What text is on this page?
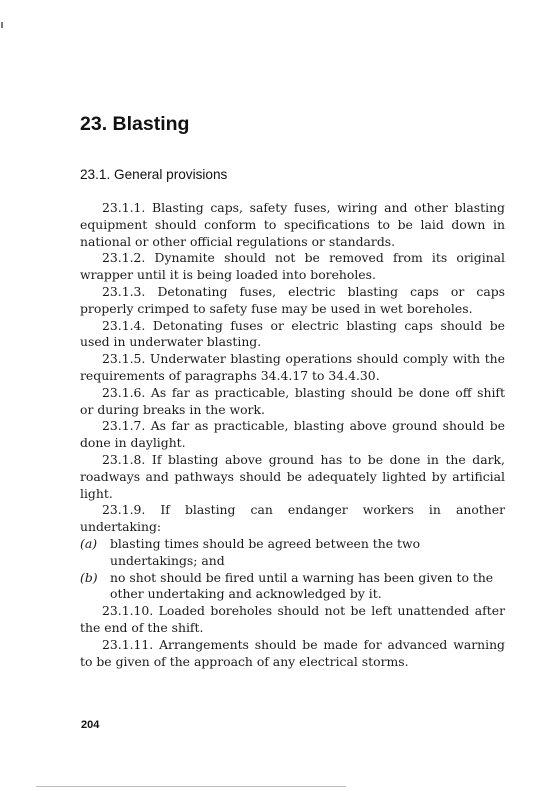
23. Blasting
23.1. General provisions

23.1.1. Blasting caps, safety fuses, wiring and other blasting equipment should conform to specifications to be laid down in national or other official regulations or standards.

23.1.2. Dynamite should not be removed from its original wrapper until it is being loaded into boreholes.

23.1.3. Detonating fuses, electric blasting caps or caps properly crimped to safety fuse may be used in wet boreholes.

23.1.4. Detonating fuses or electric blasting caps should be used in underwater blasting.

23.1.5. Underwater blasting operations should comply with the requirements of paragraphs 34.4.17 to 34.4.30.

23.1.6. As far as practicable, blasting should be done off shift or during breaks in the work.

23.1.7. As far as practicable, blasting above ground should be done in daylight.

23.1.8. If blasting above ground has to be done in the dark, roadways and pathways should be adequately lighted by artificial light.

23.1.9. If blasting can endanger workers in another undertaking:

(a) blasting times should be agreed between the two undertakings; and

(b) no shot should be fired until a warning has been given to the other undertaking and acknowledged by it.

23.1.10. Loaded boreholes should not be left unattended after the end of the shift.

23.1.11. Arrangements should be made for advanced warning to be given of the approach of any electrical storms.

204
